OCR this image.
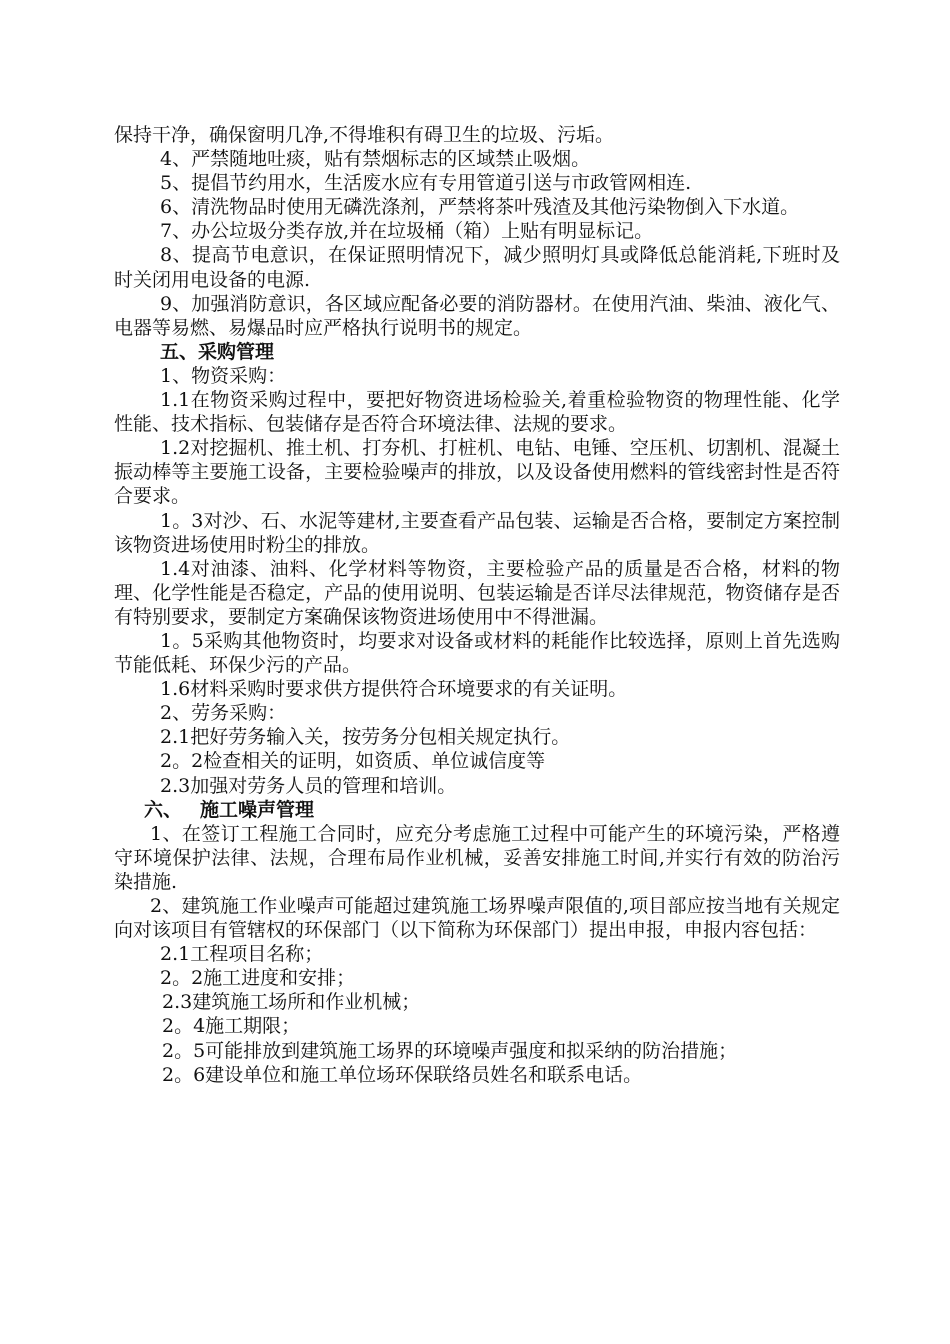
保持干净，确保窗明几净,不得堆积有碍卫生的垃圾、污垢。

4、严禁随地吐痰，贴有禁烟标志的区域禁止吸烟。

5、提倡节约用水，生活废水应有专用管道引送与市政管网相连.

6、清洗物品时使用无磷洗涤剂，严禁将茶叶残渣及其他污染物倒入下水道。

7、办公垃圾分类存放,并在垃圾桶（箱）上贴有明显标记。

8、提高节电意识，在保证照明情况下，减少照明灯具或降低总能消耗,下班时及时关闭用电设备的电源.

9、加强消防意识，各区域应配备必要的消防器材。在使用汽油、柴油、液化气、电器等易燃、易爆品时应严格执行说明书的规定。

五、采购管理

1、物资采购：

1.1在物资采购过程中，要把好物资进场检验关,着重检验物资的物理性能、化学性能、技术指标、包装储存是否符合环境法律、法规的要求。

1.2对挖掘机、推土机、打夯机、打桩机、电钻、电锤、空压机、切割机、混凝土振动棒等主要施工设备，主要检验噪声的排放，以及设备使用燃料的管线密封性是否符合要求。

1。3对沙、石、水泥等建材,主要查看产品包装、运输是否合格，要制定方案控制该物资进场使用时粉尘的排放。

1.4对油漆、油料、化学材料等物资，主要检验产品的质量是否合格，材料的物理、化学性能是否稳定，产品的使用说明、包装运输是否详尽法律规范，物资储存是否有特别要求，要制定方案确保该物资进场使用中不得泄漏。

1。5采购其他物资时，均要求对设备或材料的耗能作比较选择，原则上首先选购节能低耗、环保少污的产品。

1.6材料采购时要求供方提供符合环境要求的有关证明。

2、劳务采购：

2.1把好劳务输入关，按劳务分包相关规定执行。

2。2检查相关的证明，如资质、单位诚信度等

2.3加强对劳务人员的管理和培训。

六、 施工噪声管理

1、在签订工程施工合同时，应充分考虑施工过程中可能产生的环境污染，严格遵守环境保护法律、法规，合理布局作业机械，妥善安排施工时间,并实行有效的防治污染措施.

2、建筑施工作业噪声可能超过建筑施工场界噪声限值的,项目部应按当地有关规定向对该项目有管辖权的环保部门（以下简称为环保部门）提出申报，申报内容包括：

2.1工程项目名称；

2。2施工进度和安排；

2.3建筑施工场所和作业机械；

2。4施工期限；

2。5可能排放到建筑施工场界的环境噪声强度和拟采纳的防治措施；

2。6建设单位和施工单位场环保联络员姓名和联系电话。
